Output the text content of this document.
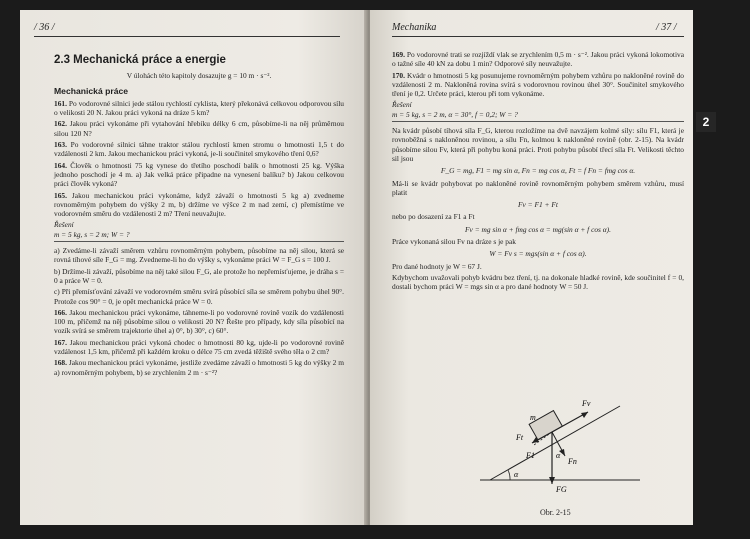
/ 36 /
2.3 Mechanická práce a energie

V úlohách této kapitoly dosazujte g = 10 m · s⁻².

Mechanická práce

161. Po vodorovné silnici jede stálou rychlostí cyklista, který překonává celkovou odporovou sílu o velikosti 20 N. Jakou práci vykoná na dráze 5 km?

162. Jakou práci vykonáme při vytahování hřebíku délky 6 cm, působíme-li na něj průměrnou silou 120 N?

163. Po vodorovné silnici táhne traktor stálou rychlostí kmen stromu o hmotnosti 1,5 t do vzdálenosti 2 km. Jakou mechanickou práci vykoná, je-li součinitel smykového tření 0,6?

164. Člověk o hmotnosti 75 kg vynese do třetího poschodí balík o hmotnosti 25 kg. Výška jednoho poschodí je 4 m. a) Jak velká práce připadne na vynesení balíku? b) Jakou celkovou práci člověk vykoná?

165. Jakou mechanickou práci vykonáme, když závaží o hmotnosti 5 kg a) zvedneme rovnoměrným pohybem do výšky 2 m, b) držíme ve výšce 2 m nad zemí, c) přemístíme ve vodorovném směru do vzdálenosti 2 m? Tření neuvažujte.

Řešení

m = 5 kg, s = 2 m; W = ?

a) Zvedáme-li závaží směrem vzhůru rovnoměrným pohybem, působíme na něj silou, která se rovná tíhové síle F_G = mg. Zvedneme-li ho do výšky s, vykonáme práci W = F_G s = 100 J.

b) Držíme-li závaží, působíme na něj také silou F_G, ale protože ho nepřemísťujeme, je dráha s = 0 a práce W = 0.

c) Při přemísťování závaží ve vodorovném směru svírá působící síla se směrem pohybu úhel 90°. Protože cos 90° = 0, je opět mechanická práce W = 0.

166. Jakou mechanickou práci vykonáme, táhneme-li po vodorovné rovině vozík do vzdálenosti 100 m, přičemž na něj působíme silou o velikosti 20 N? Řešte pro případy, kdy síla působící na vozík svírá se směrem trajektorie úhel a) 0°, b) 30°, c) 60°.

167. Jakou mechanickou práci vykoná chodec o hmotnosti 80 kg, ujde-li po vodorovné rovině vzdálenost 1,5 km, přičemž při každém kroku o délce 75 cm zvedá těžiště svého těla o 2 cm?

168. Jakou mechanickou práci vykonáme, jestliže zvedáme závaží o hmotnosti 5 kg do výšky 2 m a) rovnoměrným pohybem, b) se zrychlením 2 m · s⁻²?

Mechanika	/ 37 /

169. Po vodorovné trati se rozjíždí vlak se zrychlením 0,5 m · s⁻². Jakou práci vykoná lokomotiva o tažné síle 40 kN za dobu 1 min? Odporové síly neuvažujte.

170. Kvádr o hmotnosti 5 kg posunujeme rovnoměrným pohybem vzhůru po nakloněné rovině do vzdálenosti 2 m. Nakloněná rovina svírá s vodorovnou rovinou úhel 30°. Součinitel smykového tření je 0,2. Určete práci, kterou při tom vykonáme.

Řešení

m = 5 kg, s = 2 m, α = 30°, f = 0,2; W = ?

Na kvádr působí tíhová síla F_G, kterou rozložíme na dvě navzájem kolmé síly: sílu F1, která je rovnoběžná s nakloněnou rovinou, a sílu Fn, kolmou k nakloněné rovině (obr. 2-15). Na kvádr působíme silou Fv, která při pohybu koná práci. Proti pohybu působí třecí síla Ft. Velikosti těchto sil jsou

F_G = mg, F1 = mg sin α, Fn = mg cos α, Ft = f Fn = fmg cos α.

Má-li se kvádr pohybovat po nakloněné rovině rovnoměrným pohybem směrem vzhůru, musí platit

Fv = F1 + Ft

nebo po dosazení za F1 a Ft

Fv = mg sin α + fmg cos α = mg(sin α + f cos α).

Práce vykonaná silou Fv na dráze s je pak

W = Fv s = mgs(sin α + f cos α).

Pro dané hodnoty je W = 67 J.

Kdybychom uvažovali pohyb kvádru bez tření, tj. na dokonale hladké rovině, kde součinitel f = 0, dostali bychom práci W = mgs sin α a pro dané hodnoty W = 50 J.

α
α
m
Fv
Ft
F1
Fn
FG
Obr. 2-15
2
